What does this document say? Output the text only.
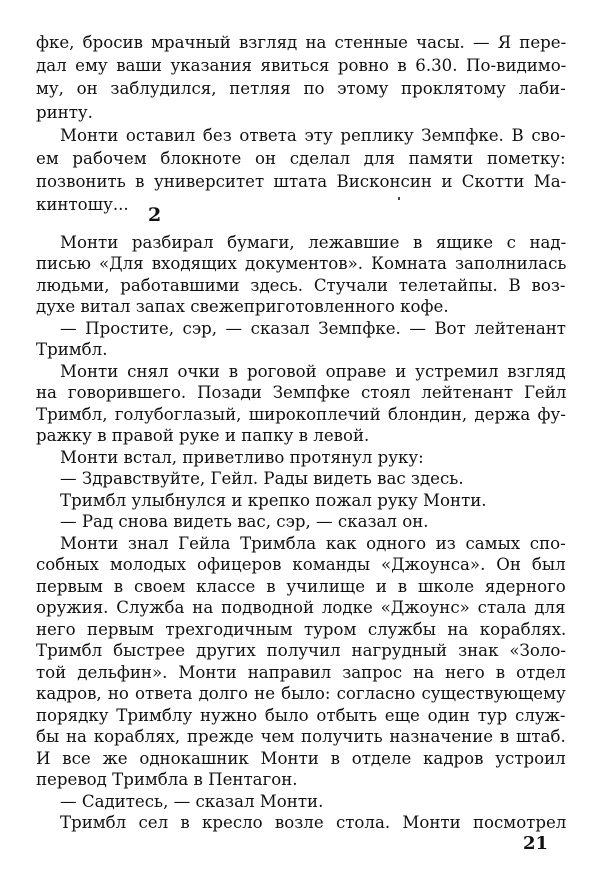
фке, бросив мрачный взгляд на стенные часы. — Я пере-
дал ему ваши указания явиться ровно в 6.30. По-видимо-
му, он заблудился, петляя по этому проклятому лаби-
ринту.
Монти оставил без ответа эту реплику Земпфке. В сво-
ем рабочем блокноте он сделал для памяти пометку:
позвонить в университет штата Висконсин и Скотти Ма-
кинтошу... 2
Монти разбирал бумаги, лежавшие в ящике с над-
писью «Для входящих документов». Комната заполнилась
людьми, работавшими здесь. Стучали телетайпы. В воз-
духе витал запах свежеприготовленного кофе.
— Простите, сэр, — сказал Земпфке. — Вот лейтенант
Тримбл.
Монти снял очки в роговой оправе и устремил взгляд
на говорившего. Позади Земпфке стоял лейтенант Гейл
Тримбл, голубоглазый, широкоплечий блондин, держа фу-
ражку в правой руке и папку в левой.
Монти встал, приветливо протянул руку:
— Здравствуйте, Гейл. Рады видеть вас здесь.
Тримбл улыбнулся и крепко пожал руку Монти.
— Рад снова видеть вас, сэр, — сказал он.
Монти знал Гейла Тримбла как одного из самых спо-
собных молодых офицеров команды «Джоунса». Он был
первым в своем классе в училище и в школе ядерного
оружия. Служба на подводной лодке «Джоунс» стала для
него первым трехгодичным туром службы на кораблях.
Тримбл быстрее других получил нагрудный знак «Золо-
той дельфин». Монти направил запрос на него в отдел
кадров, но ответа долго не было: согласно существующему
порядку Тримблу нужно было отбыть еще один тур служ-
бы на кораблях, прежде чем получить назначение в штаб.
И все же однокашник Монти в отделе кадров устроил
перевод Тримбла в Пентагон.
— Садитесь, — сказал Монти.
Тримбл сел в кресло возле стола. Монти посмотрел
21
